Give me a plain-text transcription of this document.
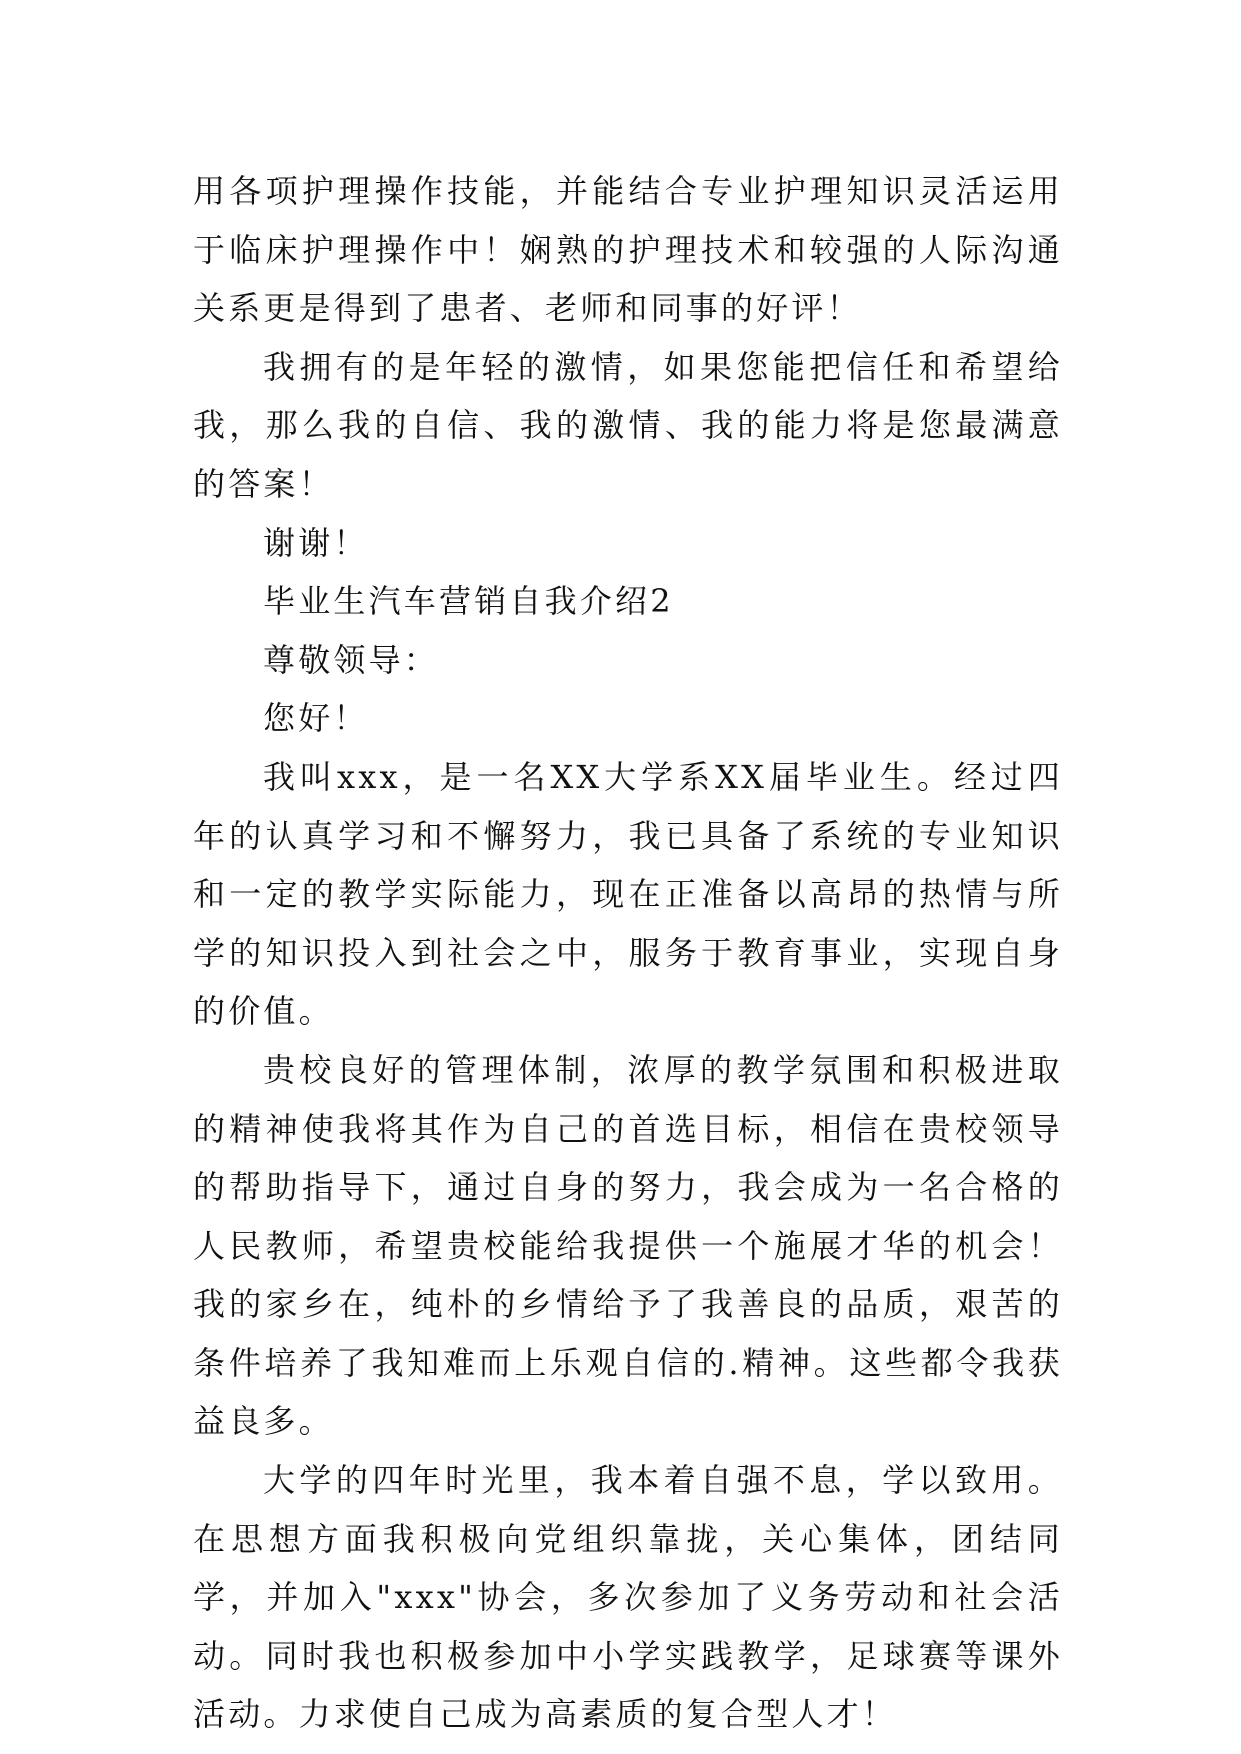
用各项护理操作技能，并能结合专业护理知识灵活运用于临床护理操作中！娴熟的护理技术和较强的人际沟通关系更是得到了患者、老师和同事的好评！

我拥有的是年轻的激情，如果您能把信任和希望给我，那么我的自信、我的激情、我的能力将是您最满意的答案！

谢谢！

毕业生汽车营销自我介绍2

尊敬领导：

您好！

我叫xxx，是一名XX大学系XX届毕业生。经过四年的认真学习和不懈努力，我已具备了系统的专业知识和一定的教学实际能力，现在正准备以高昂的热情与所学的知识投入到社会之中，服务于教育事业，实现自身的价值。

贵校良好的管理体制，浓厚的教学氛围和积极进取的精神使我将其作为自己的首选目标，相信在贵校领导的帮助指导下，通过自身的努力，我会成为一名合格的人民教师，希望贵校能给我提供一个施展才华的机会！我的家乡在，纯朴的乡情给予了我善良的品质，艰苦的条件培养了我知难而上乐观自信的.精神。这些都令我获益良多。

大学的四年时光里，我本着自强不息，学以致用。在思想方面我积极向党组织靠拢，关心集体，团结同学，并加入"xxx"协会，多次参加了义务劳动和社会活动。同时我也积极参加中小学实践教学，足球赛等课外活动。力求使自己成为高素质的复合型人才！
